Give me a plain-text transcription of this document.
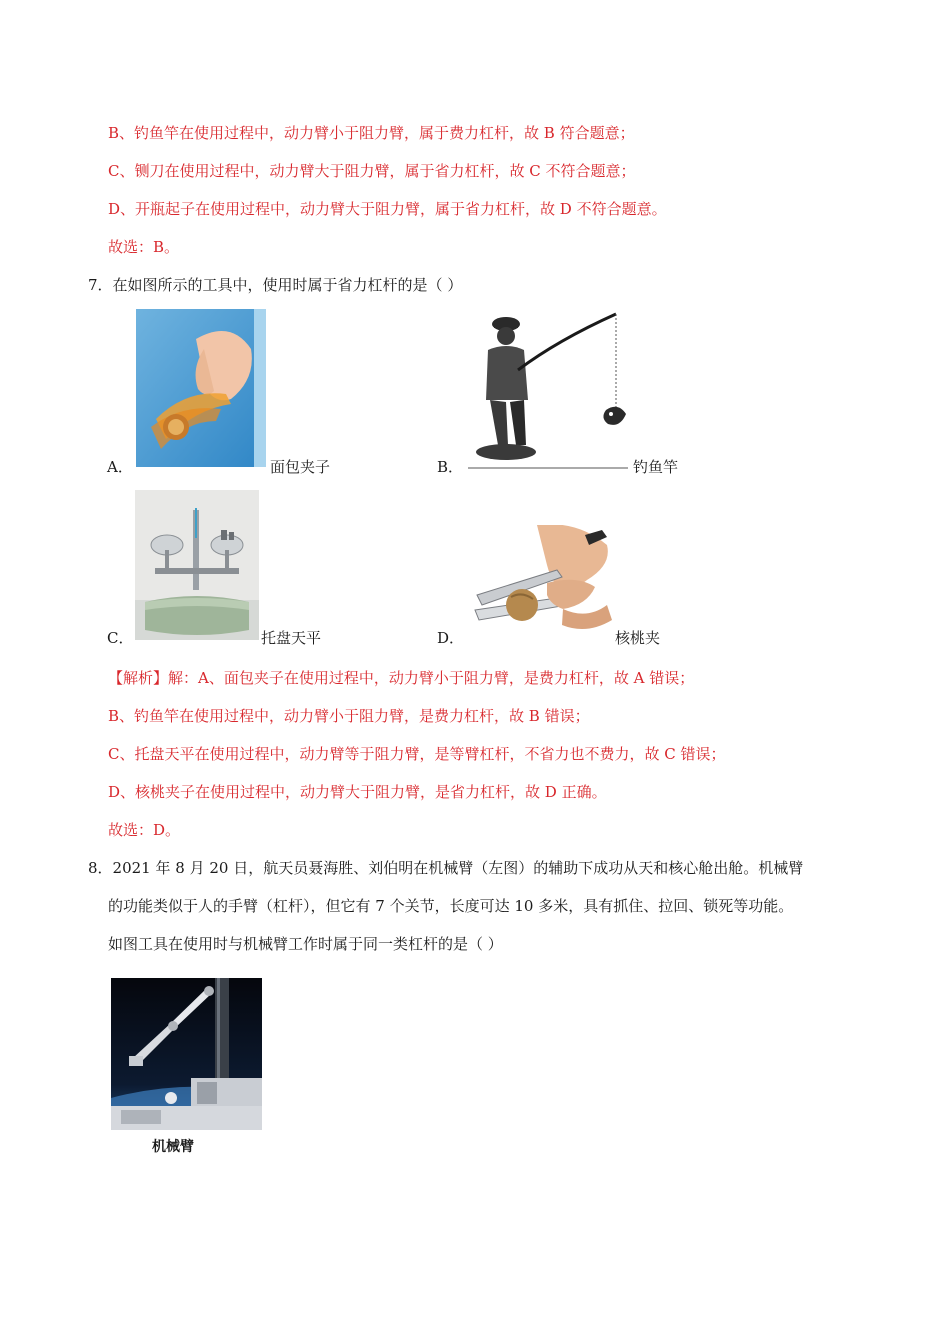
B、钓鱼竿在使用过程中，动力臂小于阻力臂，属于费力杠杆，故 B 符合题意；
C、铡刀在使用过程中，动力臂大于阻力臂，属于省力杠杆，故 C 不符合题意；
D、开瓶起子在使用过程中，动力臂大于阻力臂，属于省力杠杆，故 D 不符合题意。
故选：B。
7．在如图所示的工具中，使用时属于省力杠杆的是（ ）
A．	面包夹子	B．	钓鱼竿
C．	托盘天平	D．	核桃夹
【解析】解：A、面包夹子在使用过程中，动力臂小于阻力臂，是费力杠杆，故 A 错误；
B、钓鱼竿在使用过程中，动力臂小于阻力臂，是费力杠杆，故 B 错误；
C、托盘天平在使用过程中，动力臂等于阻力臂，是等臂杠杆，不省力也不费力，故 C 错误；
D、核桃夹子在使用过程中，动力臂大于阻力臂，是省力杠杆，故 D 正确。
故选：D。
8．2021 年 8 月 20 日，航天员聂海胜、刘伯明在机械臂（左图）的辅助下成功从天和核心舱出舱。机械臂
的功能类似于人的手臂（杠杆），但它有 7 个关节，长度可达 10 多米，具有抓住、拉回、锁死等功能。
如图工具在使用时与机械臂工作时属于同一类杠杆的是（ ）
机械臂
